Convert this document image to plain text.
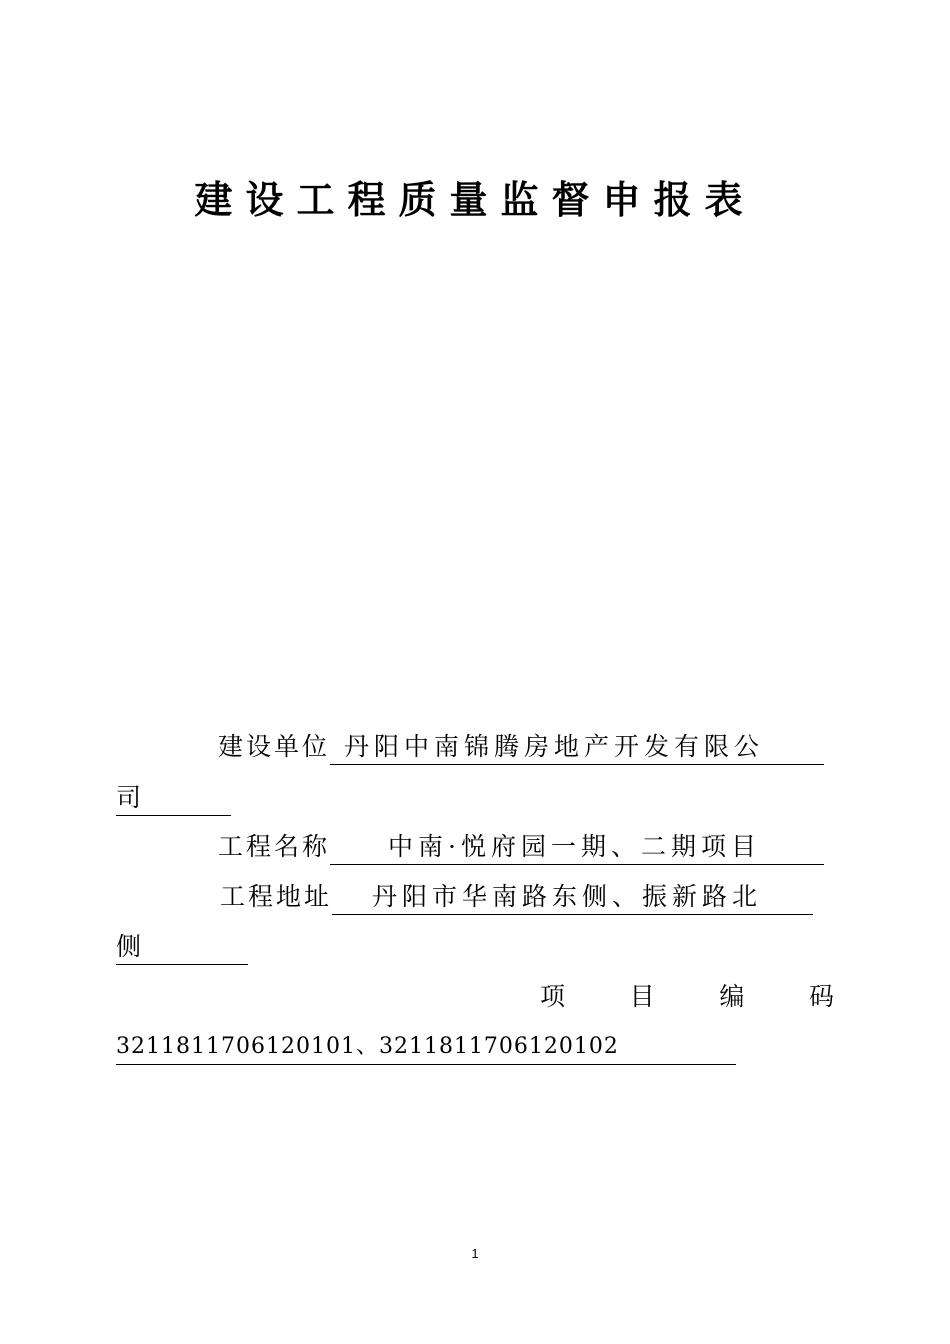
建设工程质量监督申报表
建设单位 丹阳中南锦腾房地产开发有限公
司
工程名称 中南·悦府园一期、二期项目
工程地址 丹阳市华南路东侧、振新路北
侧
项 目 编 码
3211811706120101、3211811706120102
1
